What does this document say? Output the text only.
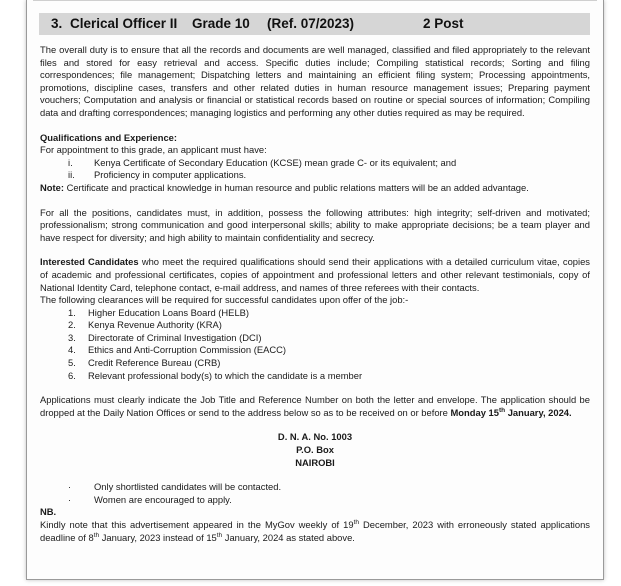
3. Clerical Officer II Grade 10 (Ref. 07/2023)	2 Post

The overall duty is to ensure that all the records and documents are well managed, classified and filed appropriately to the relevant files and stored for easy retrieval and access. Specific duties include; Compiling statistical records; Sorting and filing correspondences; file management; Dispatching letters and maintaining an efficient filing system; Processing appointments, promotions, discipline cases, transfers and other related duties in human resource management issues; Preparing payment vouchers; Computation and analysis or financial or statistical records based on routine or special sources of information; Compiling data and drafting correspondences; managing logistics and performing any other duties required as may be required.

Qualifications and Experience:
For appointment to this grade, an applicant must have:
i. Kenya Certificate of Secondary Education (KCSE) mean grade C- or its equivalent; and
ii. Proficiency in computer applications.
Note: Certificate and practical knowledge in human resource and public relations matters will be an added advantage.

For all the positions, candidates must, in addition, possess the following attributes: high integrity; self-driven and motivated; professionalism; strong communication and good interpersonal skills; ability to make appropriate decisions; be a team player and have respect for diversity; and high ability to maintain confidentiality and secrecy.

Interested Candidates who meet the required qualifications should send their applications with a detailed curriculum vitae, copies of academic and professional certificates, copies of appointment and professional letters and other relevant testimonials, copy of National Identity Card, telephone contact, e-mail address, and names of three referees with their contacts.

The following clearances will be required for successful candidates upon offer of the job:-
1. Higher Education Loans Board (HELB)
2. Kenya Revenue Authority (KRA)
3. Directorate of Criminal Investigation (DCI)
4. Ethics and Anti-Corruption Commission (EACC)
5. Credit Reference Bureau (CRB)
6. Relevant professional body(s) to which the candidate is a member

Applications must clearly indicate the Job Title and Reference Number on both the letter and envelope. The application should be dropped at the Daily Nation Offices or send to the address below so as to be received on or before Monday 15th January, 2024.

D. N. A. No. 1003
P.O. Box
NAIROBI
· Only shortlisted candidates will be contacted.
· Women are encouraged to apply.
NB.

Kindly note that this advertisement appeared in the MyGov weekly of 19th December, 2023 with erroneously stated applications deadline of 8th January, 2023 instead of 15th January, 2024 as stated above.
